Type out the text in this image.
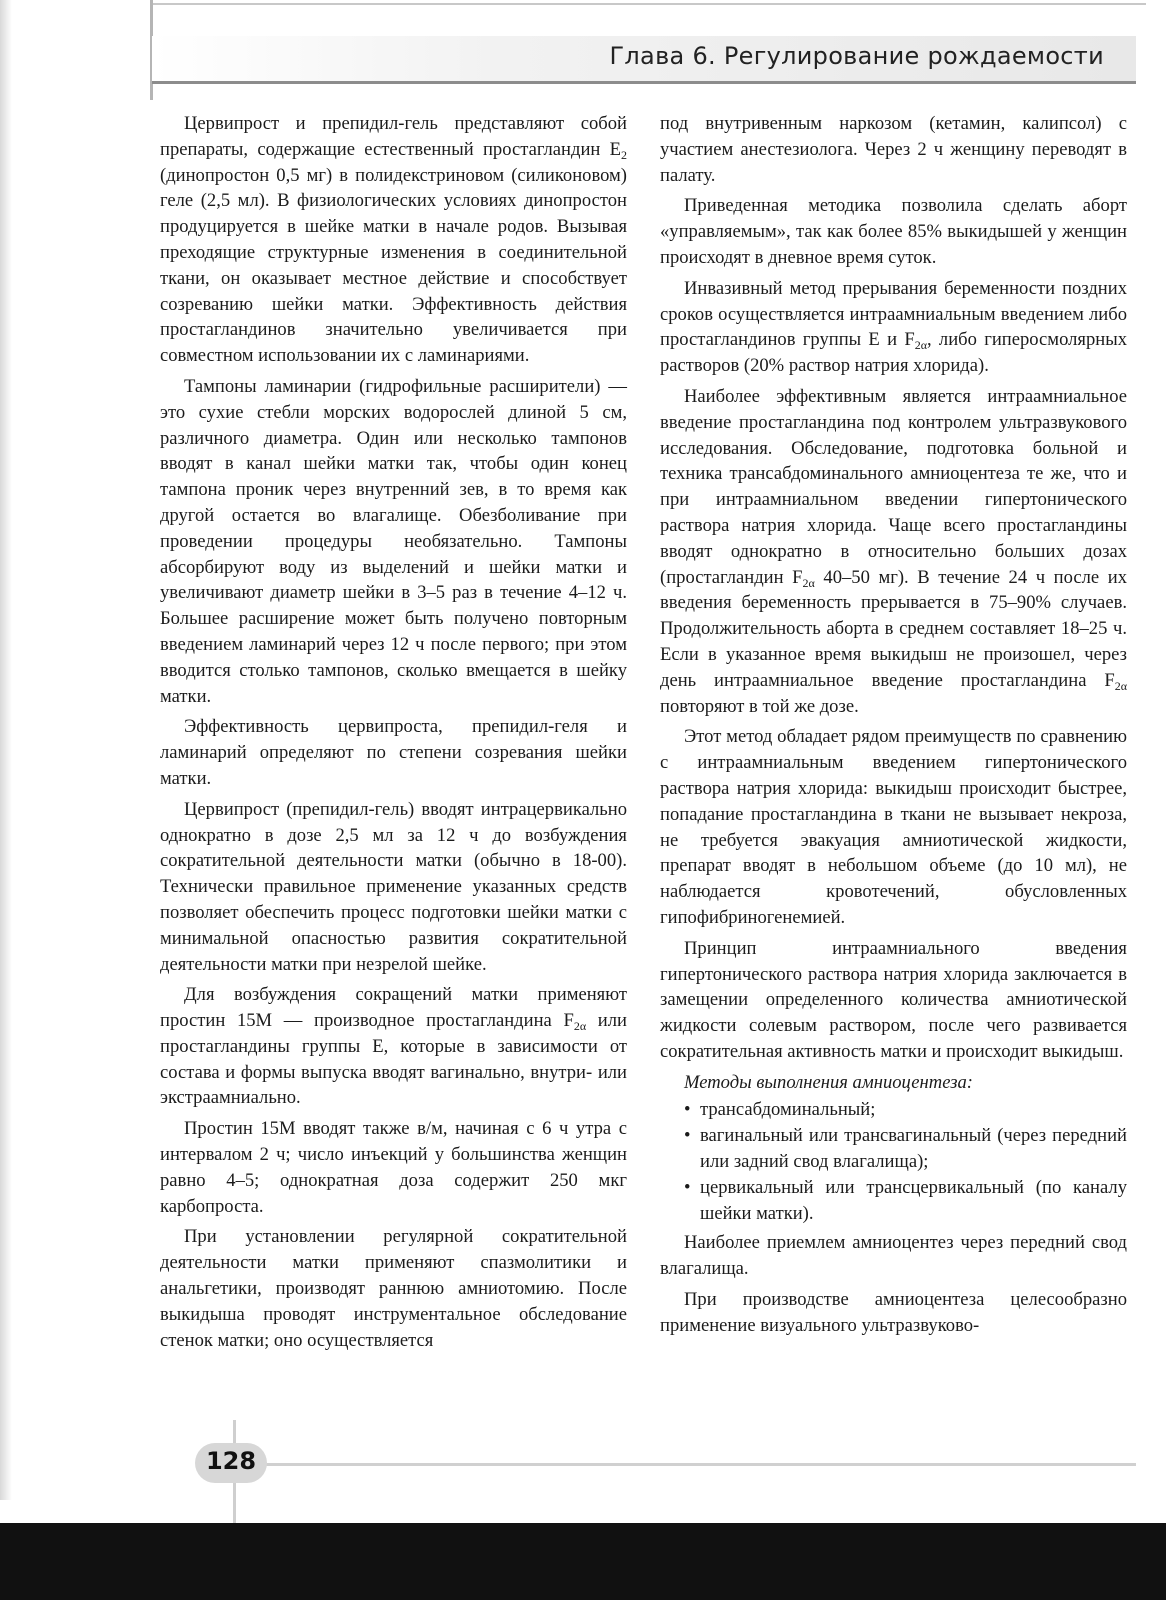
Глава 6. Регулирование рождаемости

Цервипрост и препидил-гель представляют собой препараты, содержащие естественный простагландин $E_2$ (динопростон 0,5 мг) в полидекстриновом (силиконовом) геле (2,5 мл). В физиологических условиях динопростон продуцируется в шейке матки в начале родов. Вызывая преходящие структурные изменения в соединительной ткани, он оказывает местное действие и способствует созреванию шейки матки. Эффективность действия простагландинов значительно увеличивается при совместном использовании их с ламинариями.

Тампоны ламинарии (гидрофильные расширители) — это сухие стебли морских водорослей длиной 5 см, различного диаметра. Один или несколько тампонов вводят в канал шейки матки так, чтобы один конец тампона проник через внутренний зев, в то время как другой остается во влагалище. Обезболивание при проведении процедуры необязательно. Тампоны абсорбируют воду из выделений и шейки матки и увеличивают диаметр шейки в 3–5 раз в течение 4–12 ч. Большее расширение может быть получено повторным введением ламинарий через 12 ч после первого; при этом вводится столько тампонов, сколько вмещается в шейку матки.

Эффективность цервипроста, препидил-геля и ламинарий определяют по степени созревания шейки матки.

Цервипрост (препидил-гель) вводят интрацервикально однократно в дозе 2,5 мл за 12 ч до возбуждения сократительной деятельности матки (обычно в 18-00). Технически правильное применение указанных средств позволяет обеспечить процесс подготовки шейки матки с минимальной опасностью развития сократительной деятельности матки при незрелой шейке.

Для возбуждения сокращений матки применяют простин 15M — производное простагландина $F_{2\alpha}$ или простагландины группы E, которые в зависимости от состава и формы выпуска вводят вагинально, внутри- или экстраамниально.

Простин 15M вводят также в/м, начиная с 6 ч утра с интервалом 2 ч; число инъекций у большинства женщин равно 4–5; однократная доза содержит 250 мкг карбопроста.

При установлении регулярной сократительной деятельности матки применяют спазмолитики и анальгетики, производят раннюю амниотомию. После выкидыша проводят инструментальное обследование стенок матки; оно осуществляется

под внутривенным наркозом (кетамин, калипсол) с участием анестезиолога. Через 2 ч женщину переводят в палату.

Приведенная методика позволила сделать аборт «управляемым», так как более 85% выкидышей у женщин происходят в дневное время суток.

Инвазивный метод прерывания беременности поздних сроков осуществляется интраамниальным введением либо простагландинов группы E и $F_{2\alpha}$, либо гиперосмолярных растворов (20% раствор натрия хлорида).

Наиболее эффективным является интраамниальное введение простагландина под контролем ультразвукового исследования. Обследование, подготовка больной и техника трансабдоминального амниоцентеза те же, что и при интраамниальном введении гипертонического раствора натрия хлорида. Чаще всего простагландины вводят однократно в относительно больших дозах (простагландин $F_{2\alpha}$ 40–50 мг). В течение 24 ч после их введения беременность прерывается в 75–90% случаев. Продолжительность аборта в среднем составляет 18–25 ч. Если в указанное время выкидыш не произошел, через день интраамниальное введение простагландина $F_{2\alpha}$ повторяют в той же дозе.

Этот метод обладает рядом преимуществ по сравнению с интраамниальным введением гипертонического раствора натрия хлорида: выкидыш происходит быстрее, попадание простагландина в ткани не вызывает некроза, не требуется эвакуация амниотической жидкости, препарат вводят в небольшом объеме (до 10 мл), не наблюдается кровотечений, обусловленных гипофибриногенемией.

Принцип интраамниального введения гипертонического раствора натрия хлорида заключается в замещении определенного количества амниотической жидкости солевым раствором, после чего развивается сократительная активность матки и происходит выкидыш.

Методы выполнения амниоцентеза:

• трансабдоминальный;
• вагинальный или трансвагинальный (через передний или задний свод влагалища);
• цервикальный или трансцервикальный (по каналу шейки матки).

Наиболее приемлем амниоцентез через передний свод влагалища.

При производстве амниоцентеза целесообразно применение визуального ультразвуково-

128
